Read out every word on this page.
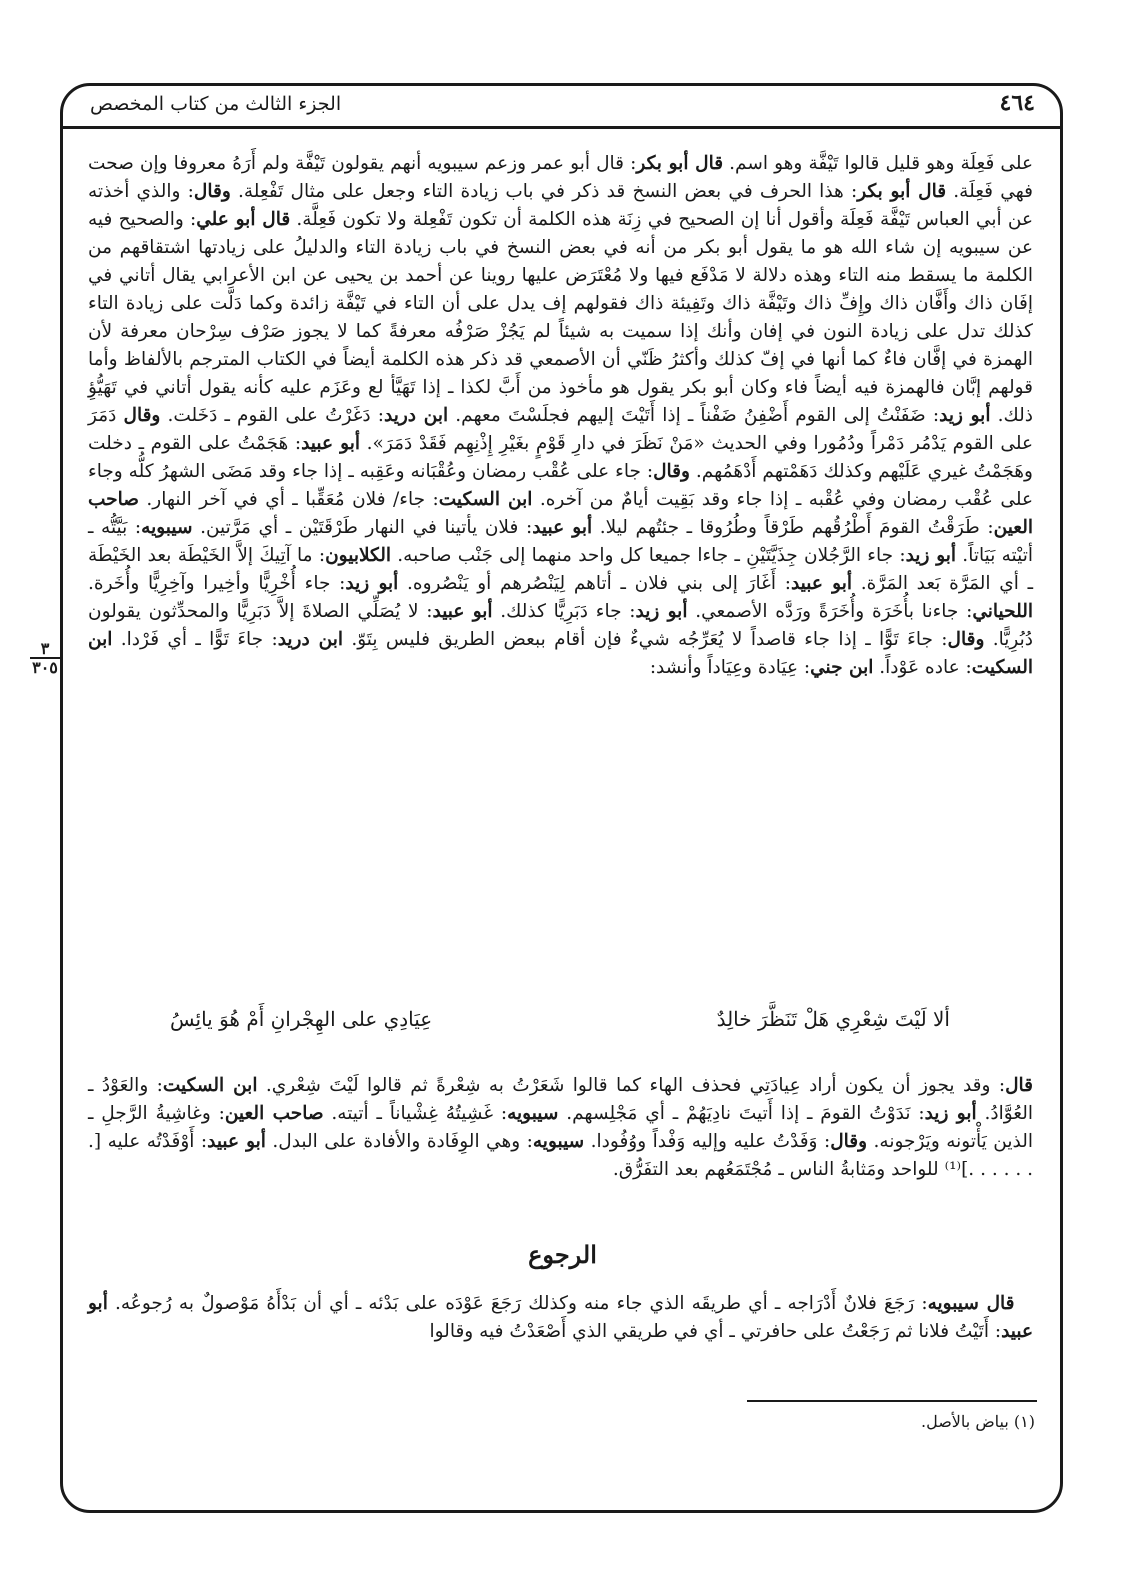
الجزء الثالث من كتاب المخصص	٤٦٤
٣
٣٠٥

على فَعِلَة وهو قليل قالوا تَيْفَّة وهو اسم. قال أبو بكر: قال أبو عمر وزعم سيبويه أنهم يقولون تَيْفَّة ولم أَرَهُ معروفا وإن صحت فهي فَعِلَة. قال أبو بكر: هذا الحرف في بعض النسخ قد ذكر في باب زيادة التاء وجعل على مثال تَفْعِلة. وقال: والذي أخذته عن أبي العباس تَيْفَّة فَعِلَة وأقول أنا إن الصحيح في زِنَة هذه الكلمة أن تكون تَفْعِلة ولا تكون فَعِلَّة. قال أبو علي: والصحيح فيه عن سيبويه إن شاء الله هو ما يقول أبو بكر من أنه في بعض النسخ في باب زيادة التاء والدليلُ على زيادتها اشتقاقهم من الكلمة ما يسقط منه التاء وهذه دلالة لا مَدْفَع فيها ولا مُعْتَرَض عليها روينا عن أحمد بن يحيى عن ابن الأعرابي يقال أتاني في إفَان ذاك وأَفَّان ذاك وإِفِّ ذاك وتَيْفَّة ذاك وتَفِيئة ذاك فقولهم إف يدل على أن التاء في تَيْفَّة زائدة وكما دَلَّت على زيادة التاء كذلك تدل على زيادة النون في إفان وأنك إذا سميت به شيئاً لم يَجُزْ صَرْفُه معرفةً كما لا يجوز صَرْف سِرْحان معرفة لأن الهمزة في إفَّان فاءٌ كما أنها في إفّ كذلك وأكثرُ ظَنّي أن الأصمعي قد ذكر هذه الكلمة أيضاً في الكتاب المترجم بالألفاظ وأما قولهم إبَّان فالهمزة فيه أيضاً فاء وكان أبو بكر يقول هو مأخوذ من أَبَّ لكذا ـ إذا تَهَيَّأ لع وعَزَم عليه كأنه يقول أتاني في تَهَيُّؤِ ذلك. أبو زيد: ضَفَنْتُ إلى القوم أَضْفِنُ ضَفْناً ـ إذا أَتَيْتَ إليهم فجلَسْتَ معهم. ابن دريد: دَغَرْتُ على القوم ـ دَخَلت. وقال دَمَرَ على القوم يَدْمُر دَمْراً ودُمُورا وفي الحديث «مَنْ نَظَرَ في دارِ قَوْمٍ بغَيْرِ إِذْنِهِم فَقَدْ دَمَرَ». أبو عبيد: هَجَمْتُ على القوم ـ دخلت وهَجَمْتُ غيري عَلَيْهم وكذلك دَهَمْتهم أَدْهَمُهم. وقال: جاء على عُقْب رمضان وعُقْبَانه وعَقِبه ـ إذا جاء وقد مَضَى الشهرُ كلُّه وجاء على عُقْب رمضان وفي عُقْبه ـ إذا جاء وقد بَقِيت أيامٌ من آخره. ابن السكيت: جاء/ فلان مُعَقِّبا ـ أي في آخر النهار. صاحب العين: طَرَقْتُ القومَ أَطْرُقُهم طَرْقاً وطُرُوقا ـ جئتُهم ليلا. أبو عبيد: فلان يأتينا في النهار طَرْقَتَيْن ـ أي مَرَّتين. سيبويه: بَيَّتُّه ـ أتيْته بَيَاتاً. أبو زيد: جاء الرَّجُلان جِذَيَّتَيْنِ ـ جاءا جميعا كل واحد منهما إلى جَنْب صاحبه. الكلابيون: ما آتِيكَ إلاَّ الخَيْطَة بعد الخَيْطَة ـ أي المَرَّة بَعد المَرَّة. أبو عبيد: أَغَارَ إلى بني فلان ـ أتاهم لِيَنْصُرهم أو يَنْصُروه. أبو زيد: جاء أُخْرِيًّا وأخِيرا وآخِرِيًّا وأُخَرة. اللحياني: جاءنا بأُخَرَة وأُخَرَةً ورَدَّه الأصمعي. أبو زيد: جاء دَبَرِيًّا كذلك. أبو عبيد: لا يُصَلِّي الصلاةَ إلاَّ دَبَرِيًّا والمحدِّثون يقولون دُبُرِيًّا. وقال: جاءَ تَوًّا ـ إذا جاء قاصداً لا يُعَرِّجُه شيءٌ فإن أقام ببعض الطريق فليس بِتَوّ. ابن دريد: جاءَ تَوًّا ـ أي فَرْدا. ابن السكيت: عاده عَوْداً. ابن جني: عِيَادة وعِيَاداً وأنشد:

ألا لَيْتَ شِعْرِي هَلْ تَنَظَّرَ خالِدٌ
عِيَادِي على الهِجْرانِ أَمْ هُوَ يائِسُ

قال: وقد يجوز أن يكون أراد عِيادَتِي فحذف الهاء كما قالوا شَعَرْتُ به شِعْرةً ثم قالوا لَيْتَ شِعْري. ابن السكيت: والعَوْدُ ـ العُوَّادُ. أبو زيد: نَدَوْتُ القومَ ـ إذا أَتيتَ نادِيَهُمْ ـ أي مَجْلِسهم. سيبويه: غَشِيتُهُ غِشْياناً ـ أتيته. صاحب العين: وغاشِيةُ الرَّجلِ ـ الذين يَأْتونه ويَرْجونه. وقال: وَفَدْتُ عليه وإليه وَفْداً ووُفُودا. سيبويه: وهي الوِفَادة والأفادة على البدل. أبو عبيد: أَوْفَدْتُه عليه [. . . . . . .]⁽¹⁾ للواحد ومَثابةُ الناس ـ مُجْتَمَعُهم بعد التفَرُّق.

الرجوع

 قال سيبويه: رَجَعَ فلانٌ أَدْرَاجه ـ أي طريقَه الذي جاء منه وكذلك رَجَعَ عَوْدَه على بَدْئه ـ أي أن بَدْأَهُ مَوْصولٌ به رُجوعُه. أبو عبيد: أَتَيْتُ فلانا ثم رَجَعْتُ على حافرتي ـ أي في طريقي الذي أَصْعَدْتُ فيه وقالوا

(١) بياض بالأصل.
